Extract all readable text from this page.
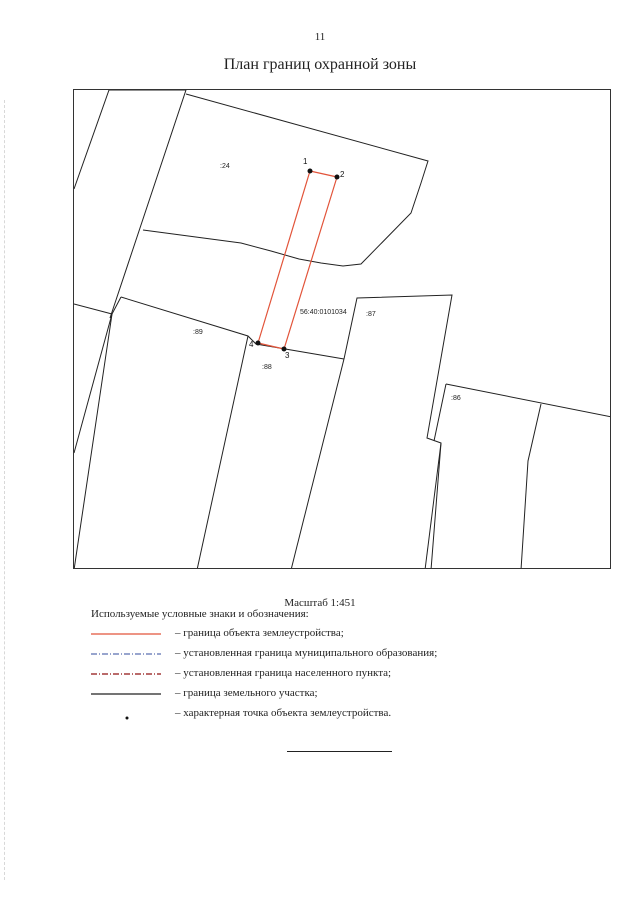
11
План границ охранной зоны
:24
56:40:0101034	:87
:89
:88
:86
1
2
3
4
Масштаб 1:451
Используемые условные знаки и обозначения:
– граница объекта землеустройства;
– установленная граница муниципального образования;
– установленная граница населенного пункта;
– граница земельного участка;
– характерная точка объекта землеустройства.
